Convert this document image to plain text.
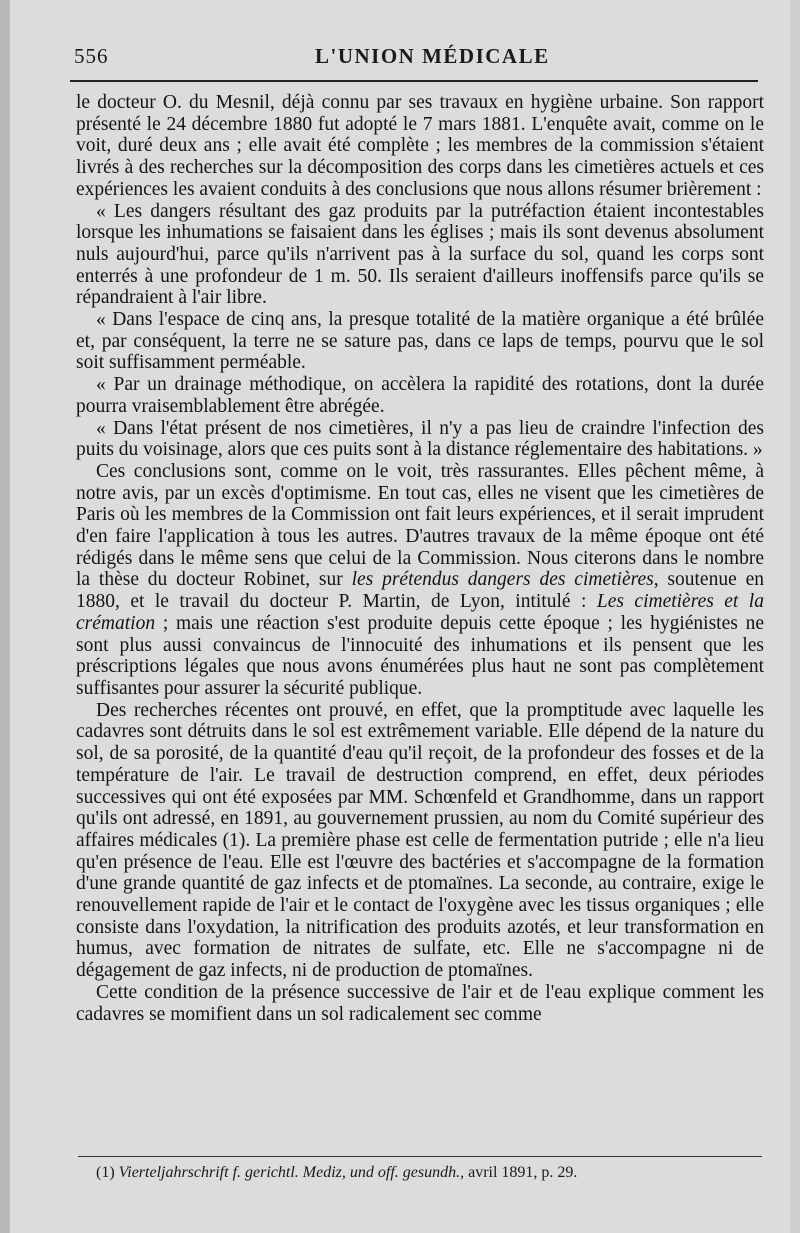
556	L'UNION MÉDICALE

le docteur O. du Mesnil, déjà connu par ses travaux en hygiène urbaine. Son rapport présenté le 24 décembre 1880 fut adopté le 7 mars 1881. L'enquête avait, comme on le voit, duré deux ans ; elle avait été complète ; les membres de la commission s'étaient livrés à des recherches sur la décomposition des corps dans les cimetières actuels et ces expériences les avaient conduits à des conclusions que nous allons résumer brièrement :

« Les dangers résultant des gaz produits par la putréfaction étaient incontestables lorsque les inhumations se faisaient dans les églises ; mais ils sont devenus absolument nuls aujourd'hui, parce qu'ils n'arrivent pas à la surface du sol, quand les corps sont enterrés à une profondeur de 1 m. 50. Ils seraient d'ailleurs inoffensifs parce qu'ils se répandraient à l'air libre.

« Dans l'espace de cinq ans, la presque totalité de la matière organique a été brûlée et, par conséquent, la terre ne se sature pas, dans ce laps de temps, pourvu que le sol soit suffisamment perméable.

« Par un drainage méthodique, on accèlera la rapidité des rotations, dont la durée pourra vraisemblablement être abrégée.

« Dans l'état présent de nos cimetières, il n'y a pas lieu de craindre l'infection des puits du voisinage, alors que ces puits sont à la distance réglementaire des habitations. »

Ces conclusions sont, comme on le voit, très rassurantes. Elles pêchent même, à notre avis, par un excès d'optimisme. En tout cas, elles ne visent que les cimetières de Paris où les membres de la Commission ont fait leurs expériences, et il serait imprudent d'en faire l'application à tous les autres. D'autres travaux de la même époque ont été rédigés dans le même sens que celui de la Commission. Nous citerons dans le nombre la thèse du docteur Robinet, sur les prétendus dangers des cimetières, soutenue en 1880, et le travail du docteur P. Martin, de Lyon, intitulé : Les cimetières et la crémation ; mais une réaction s'est produite depuis cette époque ; les hygiénistes ne sont plus aussi convaincus de l'innocuité des inhumations et ils pensent que les préscriptions légales que nous avons énumérées plus haut ne sont pas complètement suffisantes pour assurer la sécurité publique.

Des recherches récentes ont prouvé, en effet, que la promptitude avec laquelle les cadavres sont détruits dans le sol est extrêmement variable. Elle dépend de la nature du sol, de sa porosité, de la quantité d'eau qu'il reçoit, de la profondeur des fosses et de la température de l'air. Le travail de destruction comprend, en effet, deux périodes successives qui ont été exposées par MM. Schœnfeld et Grandhomme, dans un rapport qu'ils ont adressé, en 1891, au gouvernement prussien, au nom du Comité supérieur des affaires médicales (1). La première phase est celle de fermentation putride ; elle n'a lieu qu'en présence de l'eau. Elle est l'œuvre des bactéries et s'accompagne de la formation d'une grande quantité de gaz infects et de ptomaïnes. La seconde, au contraire, exige le renouvellement rapide de l'air et le contact de l'oxygène avec les tissus organiques ; elle consiste dans l'oxydation, la nitrification des produits azotés, et leur transformation en humus, avec formation de nitrates de sulfate, etc. Elle ne s'accompagne ni de dégagement de gaz infects, ni de production de ptomaïnes.

Cette condition de la présence successive de l'air et de l'eau explique comment les cadavres se momifient dans un sol radicalement sec comme

(1) Vierteljahrschrift f. gerichtl. Mediz, und off. gesundh., avril 1891, p. 29.
